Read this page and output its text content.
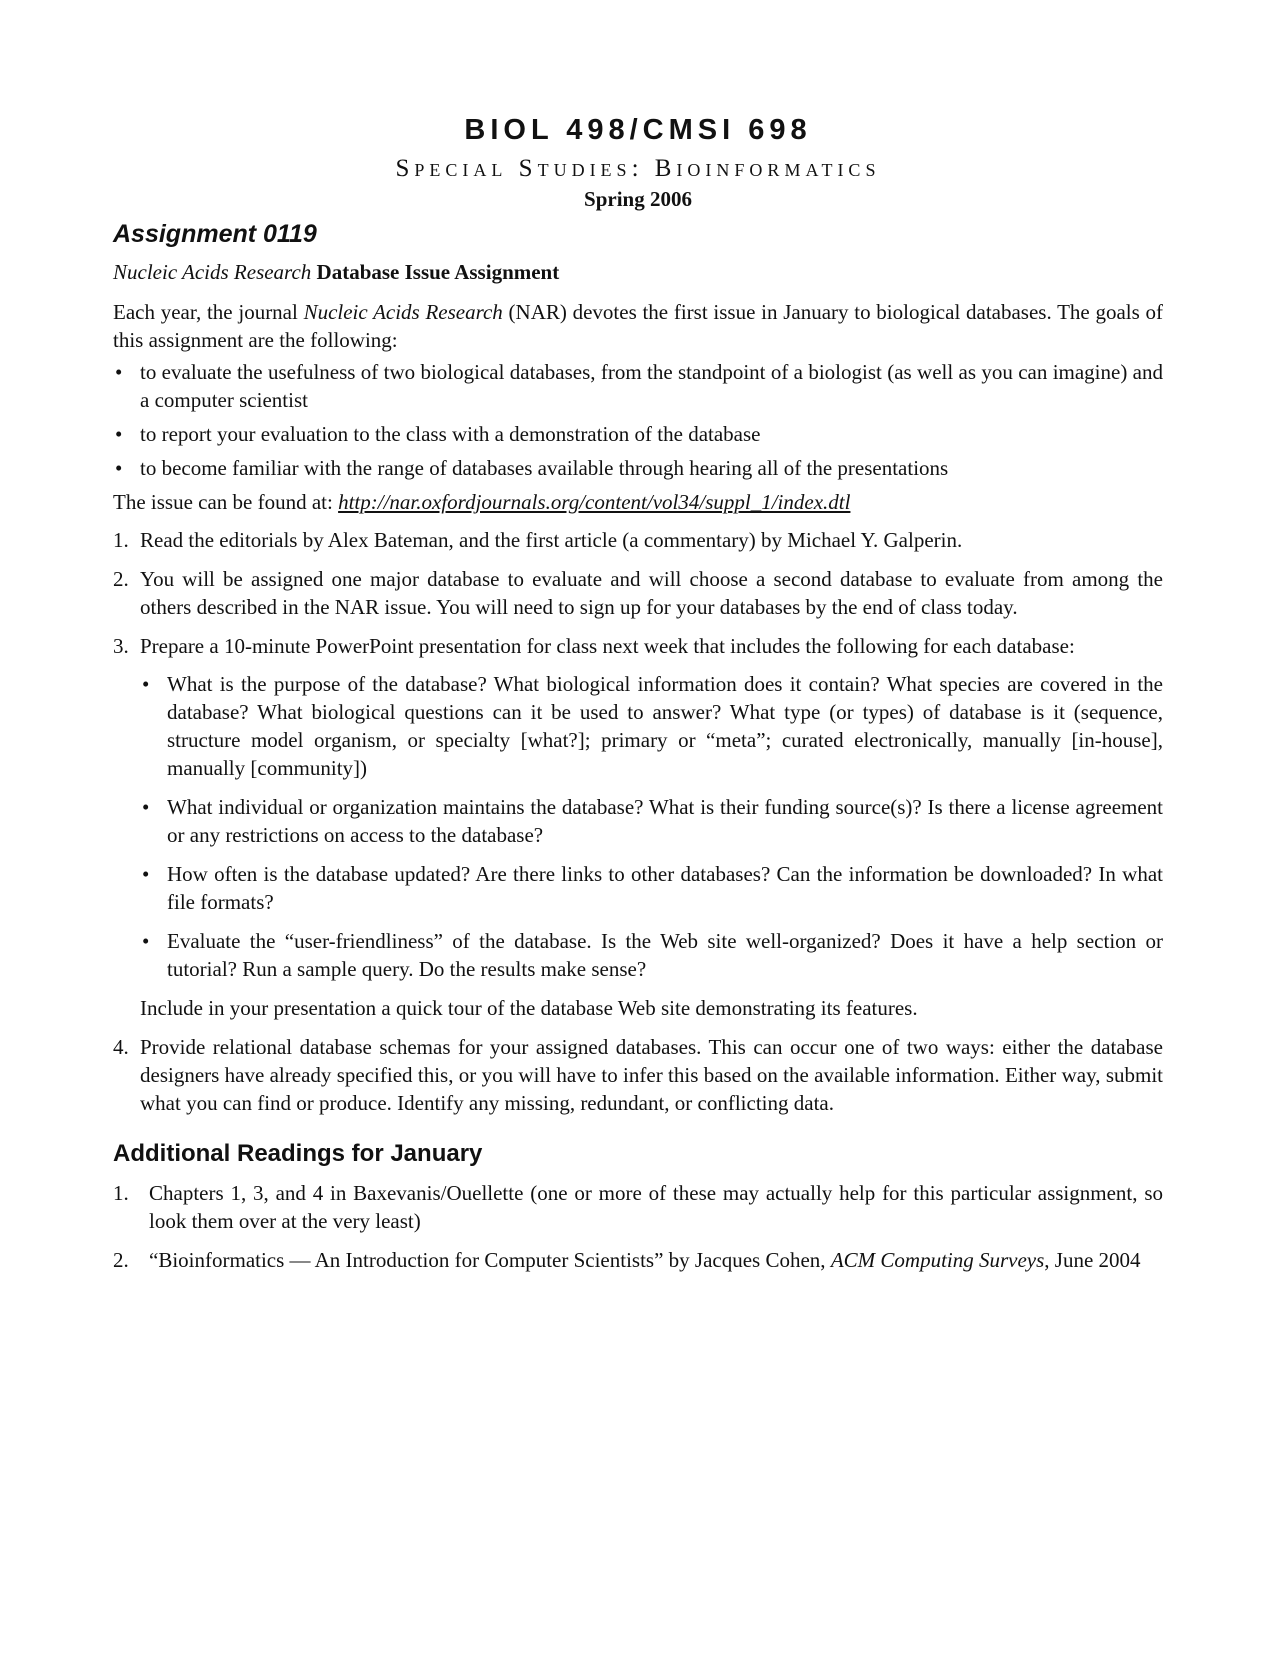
BIOL 498/CMSI 698
Special Studies: Bioinformatics
Spring 2006
Assignment 0119
Nucleic Acids Research Database Issue Assignment

Each year, the journal Nucleic Acids Research (NAR) devotes the first issue in January to biological databases. The goals of this assignment are the following:

• to evaluate the usefulness of two biological databases, from the standpoint of a biologist (as well as you can imagine) and a computer scientist
• to report your evaluation to the class with a demonstration of the database
• to become familiar with the range of databases available through hearing all of the presentations

The issue can be found at: http://nar.oxfordjournals.org/content/vol34/suppl_1/index.dtl

1. Read the editorials by Alex Bateman, and the first article (a commentary) by Michael Y. Galperin.
2. You will be assigned one major database to evaluate and will choose a second database to evaluate from among the others described in the NAR issue. You will need to sign up for your databases by the end of class today.
3. Prepare a 10-minute PowerPoint presentation for class next week that includes the following for each database:
• What is the purpose of the database? What biological information does it contain? What species are covered in the database? What biological questions can it be used to answer? What type (or types) of database is it (sequence, structure model organism, or specialty [what?]; primary or “meta”; curated electronically, manually [in-house], manually [community])
• What individual or organization maintains the database? What is their funding source(s)? Is there a license agreement or any restrictions on access to the database?
• How often is the database updated? Are there links to other databases? Can the information be downloaded? In what file formats?
• Evaluate the “user-friendliness” of the database. Is the Web site well-organized? Does it have a help section or tutorial? Run a sample query. Do the results make sense?

Include in your presentation a quick tour of the database Web site demonstrating its features.

4. Provide relational database schemas for your assigned databases. This can occur one of two ways: either the database designers have already specified this, or you will have to infer this based on the available information. Either way, submit what you can find or produce. Identify any missing, redundant, or conflicting data.
Additional Readings for January
1. Chapters 1, 3, and 4 in Baxevanis/Ouellette (one or more of these may actually help for this particular assignment, so look them over at the very least)
2. “Bioinformatics — An Introduction for Computer Scientists” by Jacques Cohen, ACM Computing Surveys, June 2004
